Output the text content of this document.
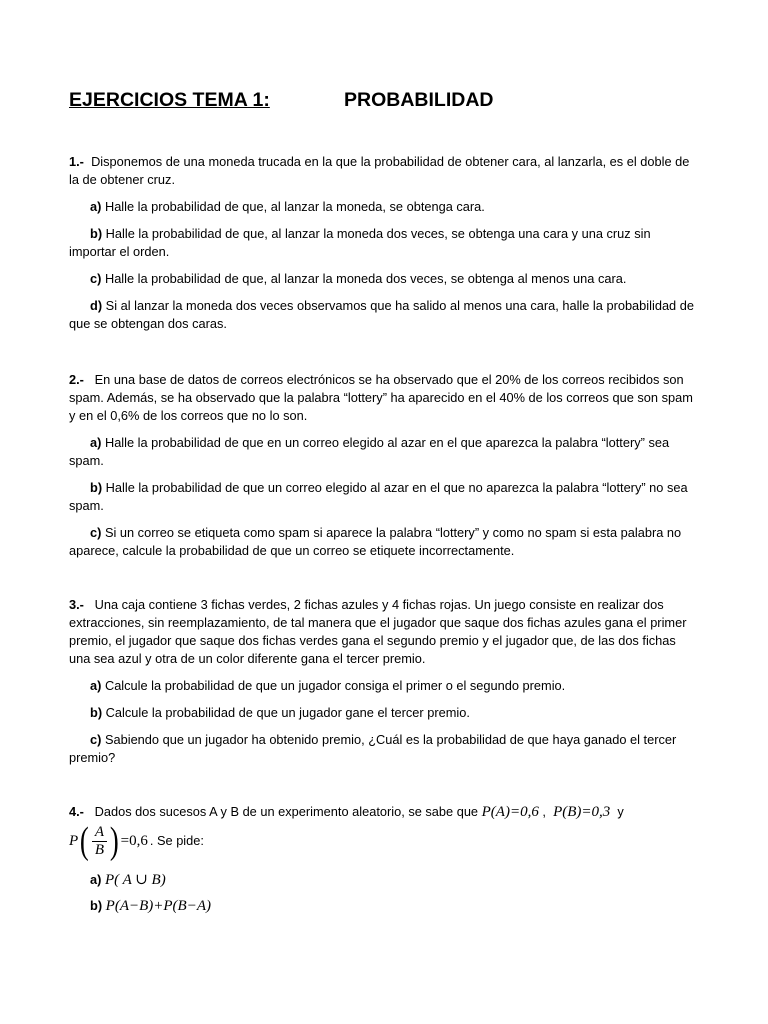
EJERCICIOS TEMA 1:	PROBABILIDAD

1.- Disponemos de una moneda trucada en la que la probabilidad de obtener cara, al lanzarla, es el doble de la de obtener cruz.

a) Halle la probabilidad de que, al lanzar la moneda, se obtenga cara.

b) Halle la probabilidad de que, al lanzar la moneda dos veces, se obtenga una cara y una cruz sin importar el orden.

c) Halle la probabilidad de que, al lanzar la moneda dos veces, se obtenga al menos una cara.

d) Si al lanzar la moneda dos veces observamos que ha salido al menos una cara, halle la probabilidad de que se obtengan dos caras.

2.- En una base de datos de correos electrónicos se ha observado que el 20% de los correos recibidos son spam. Además, se ha observado que la palabra “lottery” ha aparecido en el 40% de los correos que son spam y en el 0,6% de los correos que no lo son.

a) Halle la probabilidad de que en un correo elegido al azar en el que aparezca la palabra “lottery” sea spam.

b) Halle la probabilidad de que un correo elegido al azar en el que no aparezca la palabra “lottery” no sea spam.

c) Si un correo se etiqueta como spam si aparece la palabra “lottery” y como no spam si esta palabra no aparece, calcule la probabilidad de que un correo se etiquete incorrectamente.

3.- Una caja contiene 3 fichas verdes, 2 fichas azules y 4 fichas rojas. Un juego consiste en realizar dos extracciones, sin reemplazamiento, de tal manera que el jugador que saque dos fichas azules gana el primer premio, el jugador que saque dos fichas verdes gana el segundo premio y el jugador que, de las dos fichas una sea azul y otra de un color diferente gana el tercer premio.

a) Calcule la probabilidad de que un jugador consiga el primer o el segundo premio.

b) Calcule la probabilidad de que un jugador gane el tercer premio.

c) Sabiendo que un jugador ha obtenido premio, ¿Cuál es la probabilidad de que haya ganado el tercer premio?

4.- Dados dos sucesos A y B de un experimento aleatorio, se sabe que P(A)=0,6 , P(B)=0,3 y

P ( $\frac{A}{B}$ ) =0,6 . Se pide:
a)
P( A ∪ B)
b)
P(A−B)+P(B−A)
